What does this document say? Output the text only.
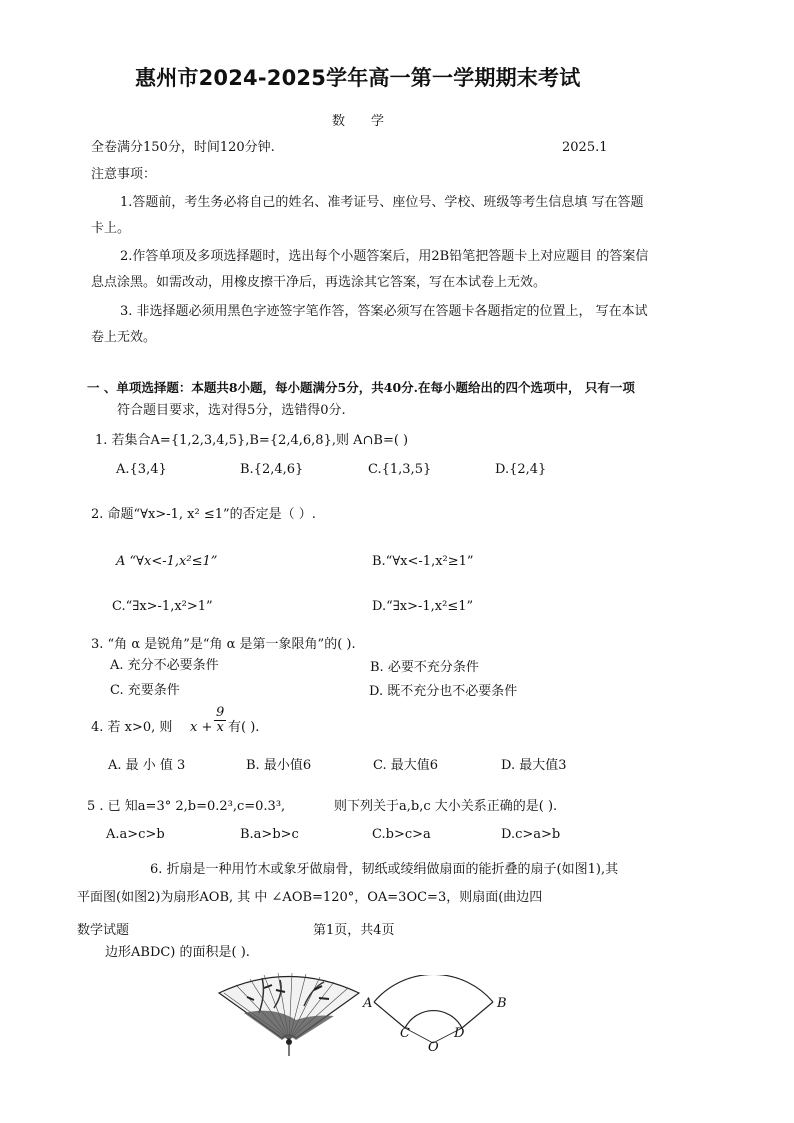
惠州市2024-2025学年高一第一学期期末考试
数学
全卷满分150分，时间120分钟.	2025.1
注意事项：
1.答题前，考生务必将自己的姓名、准考证号、座位号、学校、班级等考生信息填 写在答题
卡上。
2.作答单项及多项选择题时，选出每个小题答案后，用2B铅笔把答题卡上对应题目 的答案信
息点涂黑。如需改动，用橡皮擦干净后，再选涂其它答案，写在本试卷上无效。
3. 非选择题必须用黑色字迹签字笔作答，答案必须写在答题卡各题指定的位置上， 写在本试
卷上无效。
一 、单项选择题：本题共8小题，每小题满分5分，共40分.在每小题给出的四个选项中， 只有一项
符合题目要求，选对得5分，选错得0分.
1. 若集合A={1,2,3,4,5},B={2,4,6,8},则 A∩B=( )
A.{3,4}	B.{2,4,6}	C.{1,3,5}	D.{2,4}
2. 命题“∀x>-1, x² ≤1”的否定是（ ）.
A “∀x<-1,x²≤1”	B.“∀x<-1,x²≥1”
C.“∃x>-1,x²>1”	D.“∃x>-1,x²≤1”
3. “角 α 是锐角”是“角 α 是第一象限角”的( ).
A. 充分不必要条件	B. 必要不充分条件
C. 充要条件	D. 既不充分也不必要条件
4. 若 x>0, 则 $x + \frac{9}{x}$ 有( ).
A. 最 小 值 3	B. 最小值6	C. 最大值6	D. 最大值3
5 . 已 知a=3° 2,b=0.2³,c=0.3³,	则下列关于a,b,c 大小关系正确的是( ).
A.a>c>b	B.a>b>c	C.b>c>a	D.c>a>b
6. 折扇是一种用竹木或象牙做扇骨，韧纸或绫绢做扇面的能折叠的扇子(如图1),其
平面图(如图2)为扇形AOB, 其 中 ∠AOB=120°，OA=3OC=3，则扇面(曲边四
数学试题	第1页，共4页
边形ABDC) 的面积是( ).
A	B
C	D
O
